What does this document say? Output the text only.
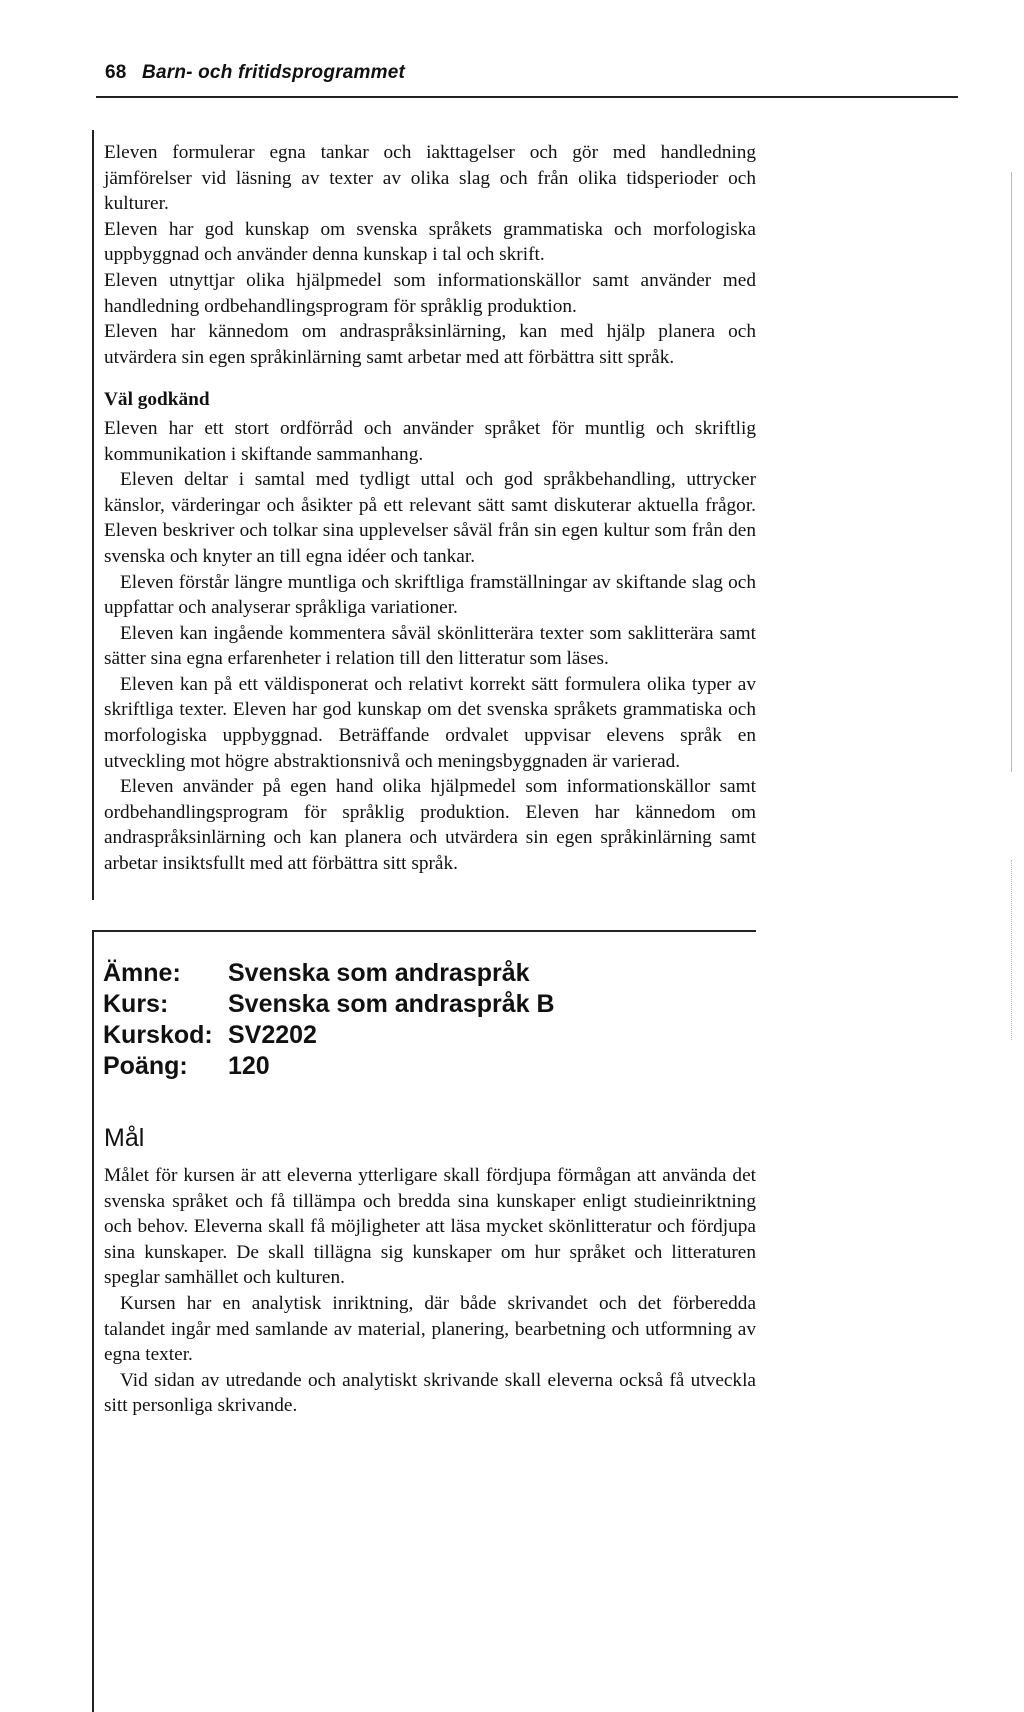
68 Barn- och fritidsprogrammet

Eleven formulerar egna tankar och iakttagelser och gör med handledning jämförelser vid läsning av texter av olika slag och från olika tidsperioder och kulturer.

Eleven har god kunskap om svenska språkets grammatiska och morfologiska uppbyggnad och använder denna kunskap i tal och skrift.

Eleven utnyttjar olika hjälpmedel som informationskällor samt använder med handledning ordbehandlingsprogram för språklig produktion.

Eleven har kännedom om andraspråksinlärning, kan med hjälp planera och utvärdera sin egen språkinlärning samt arbetar med att förbättra sitt språk.

Väl godkänd

Eleven har ett stort ordförråd och använder språket för muntlig och skriftlig kommunikation i skiftande sammanhang.

Eleven deltar i samtal med tydligt uttal och god språkbehandling, uttrycker känslor, värderingar och åsikter på ett relevant sätt samt diskuterar aktuella frågor. Eleven beskriver och tolkar sina upplevelser såväl från sin egen kultur som från den svenska och knyter an till egna idéer och tankar.

Eleven förstår längre muntliga och skriftliga framställningar av skiftande slag och uppfattar och analyserar språkliga variationer.

Eleven kan ingående kommentera såväl skönlitterära texter som saklitterära samt sätter sina egna erfarenheter i relation till den litteratur som läses.

Eleven kan på ett väldisponerat och relativt korrekt sätt formulera olika typer av skriftliga texter. Eleven har god kunskap om det svenska språkets grammatiska och morfologiska uppbyggnad. Beträffande ordvalet uppvisar elevens språk en utveckling mot högre abstraktionsnivå och meningsbyggnaden är varierad.

Eleven använder på egen hand olika hjälpmedel som informationskällor samt ordbehandlingsprogram för språklig produktion. Eleven har kännedom om andraspråksinlärning och kan planera och utvärdera sin egen språkinlärning samt arbetar insiktsfullt med att förbättra sitt språk.

Ämne:	Svenska som andraspråk
Kurs:	Svenska som andraspråk B
Kurskod: SV2202
Poäng:	120
Mål

Målet för kursen är att eleverna ytterligare skall fördjupa förmågan att använda det svenska språket och få tillämpa och bredda sina kunskaper enligt studieinriktning och behov. Eleverna skall få möjligheter att läsa mycket skönlitteratur och fördjupa sina kunskaper. De skall tillägna sig kunskaper om hur språket och litteraturen speglar samhället och kulturen.

Kursen har en analytisk inriktning, där både skrivandet och det förberedda talandet ingår med samlande av material, planering, bearbetning och utformning av egna texter.

Vid sidan av utredande och analytiskt skrivande skall eleverna också få utveckla sitt personliga skrivande.
